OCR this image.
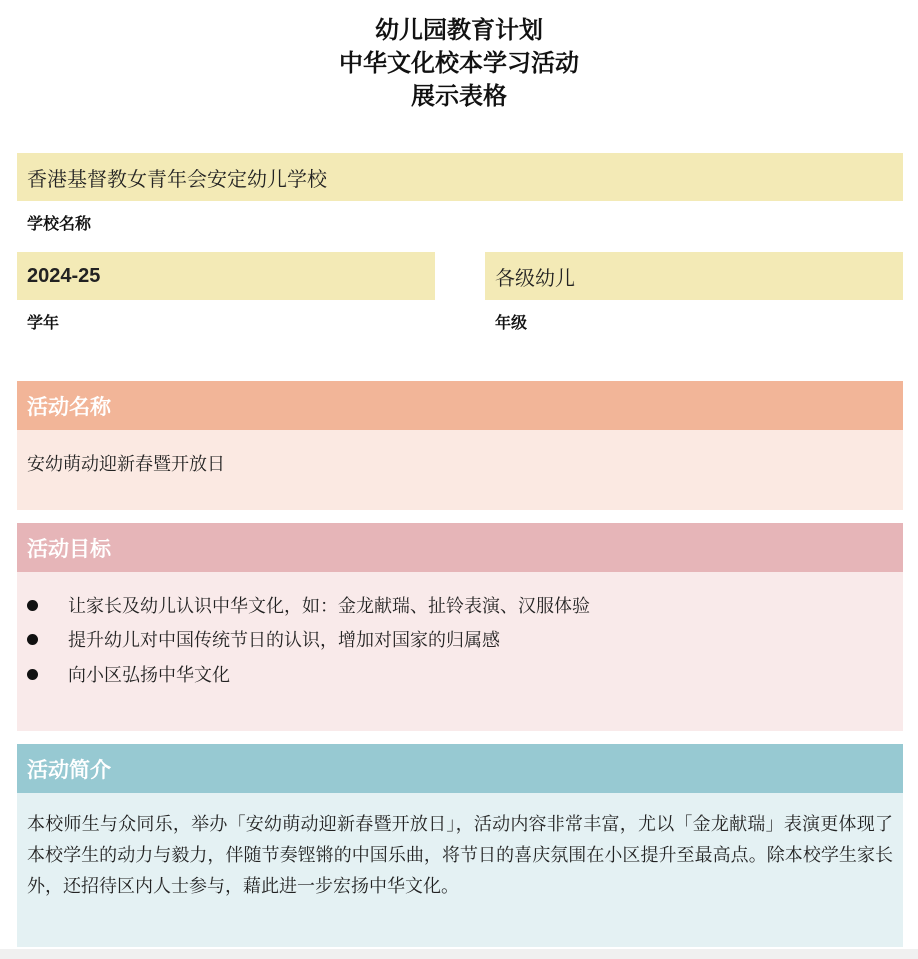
幼儿园教育计划
中华文化校本学习活动
展示表格
香港基督教女青年会安定幼儿学校
学校名称
2024-25
学年
各级幼儿
年级
活动名称
安幼萌动迎新春暨开放日
活动目标
让家长及幼儿认识中华文化，如：金龙献瑞、扯铃表演、汉服体验
提升幼儿对中国传统节日的认识，增加对国家的归属感
向小区弘扬中华文化
活动简介
本校师生与众同乐，举办「安幼萌动迎新春暨开放日」，活动内容非常丰富，尤以「金龙献瑞」表演更体现了本校学生的动力与毅力，伴随节奏铿锵的中国乐曲，将节日的喜庆氛围在小区提升至最高点。除本校学生家长外，还招待区内人士参与，藉此进一步宏扬中华文化。
